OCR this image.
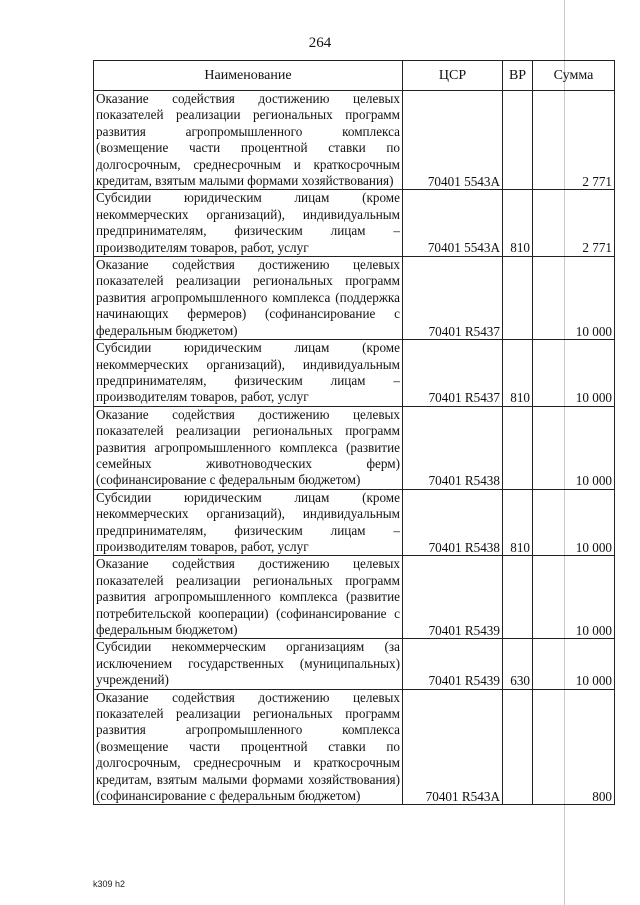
264
Наименование	ЦСР	ВР	Сумма
Оказание содействия достижению целевых показателей реализации региональных программ развития агропромышленного комплекса (возмещение части процентной ставки по долгосрочным, среднесрочным и краткосрочным кредитам, взятым малыми формами хозяйствования)	70401 5543A		2 771
Субсидии юридическим лицам (кроме некоммерческих организаций), индивидуальным предпринимателям, физическим лицам – производителям товаров, работ, услуг	70401 5543A	810	2 771
Оказание содействия достижению целевых показателей реализации региональных программ развития агропромышленного комплекса (поддержка начинающих фермеров) (софинансирование с федеральным бюджетом)	70401 R5437		10 000
Субсидии юридическим лицам (кроме некоммерческих организаций), индивидуальным предпринимателям, физическим лицам – производителям товаров, работ, услуг	70401 R5437	810	10 000
Оказание содействия достижению целевых показателей реализации региональных программ развития агропромышленного комплекса (развитие семейных животноводческих ферм) (софинансирование с федеральным бюджетом)	70401 R5438		10 000
Субсидии юридическим лицам (кроме некоммерческих организаций), индивидуальным предпринимателям, физическим лицам – производителям товаров, работ, услуг	70401 R5438	810	10 000
Оказание содействия достижению целевых показателей реализации региональных программ развития агропромышленного комплекса (развитие потребительской кооперации) (софинансирование с федеральным бюджетом)	70401 R5439		10 000
Субсидии некоммерческим организациям (за исключением государственных (муниципальных) учреждений)	70401 R5439	630	10 000
Оказание содействия достижению целевых показателей реализации региональных программ развития агропромышленного комплекса (возмещение части процентной ставки по долгосрочным, среднесрочным и краткосрочным кредитам, взятым малыми формами хозяйствования) (софинансирование с федеральным бюджетом)	70401 R543A		800
k309 h2
